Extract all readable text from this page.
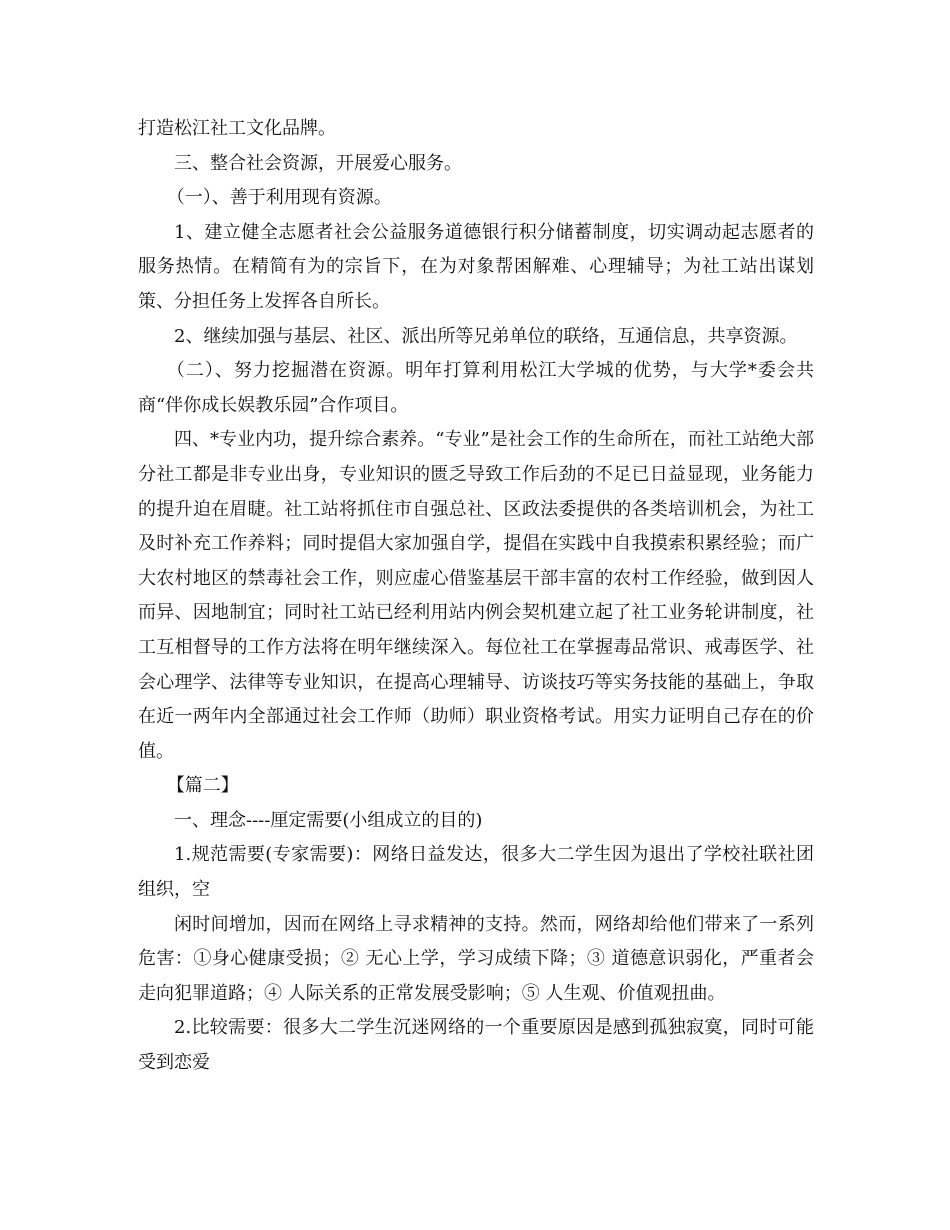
打造松江社工文化品牌。

三、整合社会资源，开展爱心服务。

（一）、善于利用现有资源。

1、建立健全志愿者社会公益服务道德银行积分储蓄制度，切实调动起志愿者的服务热情。在精简有为的宗旨下，在为对象帮困解难、心理辅导；为社工站出谋划策、分担任务上发挥各自所长。

2、继续加强与基层、社区、派出所等兄弟单位的联络，互通信息，共享资源。

（二）、努力挖掘潜在资源。明年打算利用松江大学城的优势，与大学*委会共商“伴你成长娱教乐园”合作项目。

四、*专业内功，提升综合素养。“专业”是社会工作的生命所在，而社工站绝大部分社工都是非专业出身，专业知识的匮乏导致工作后劲的不足已日益显现，业务能力的提升迫在眉睫。社工站将抓住市自强总社、区政法委提供的各类培训机会，为社工及时补充工作养料；同时提倡大家加强自学，提倡在实践中自我摸索积累经验；而广大农村地区的禁毒社会工作，则应虚心借鉴基层干部丰富的农村工作经验，做到因人而异、因地制宜；同时社工站已经利用站内例会契机建立起了社工业务轮讲制度，社工互相督导的工作方法将在明年继续深入。每位社工在掌握毒品常识、戒毒医学、社会心理学、法律等专业知识，在提高心理辅导、访谈技巧等实务技能的基础上，争取在近一两年内全部通过社会工作师（助师）职业资格考试。用实力证明自己存在的价值。

【篇二】

一、理念----厘定需要(小组成立的目的)

1.规范需要(专家需要)：网络日益发达，很多大二学生因为退出了学校社联社团组织，空

闲时间增加，因而在网络上寻求精神的支持。然而，网络却给他们带来了一系列危害：①身心健康受损；② 无心上学，学习成绩下降；③ 道德意识弱化，严重者会走向犯罪道路；④ 人际关系的正常发展受影响；⑤ 人生观、价值观扭曲。

2.比较需要：很多大二学生沉迷网络的一个重要原因是感到孤独寂寞，同时可能受到恋爱
